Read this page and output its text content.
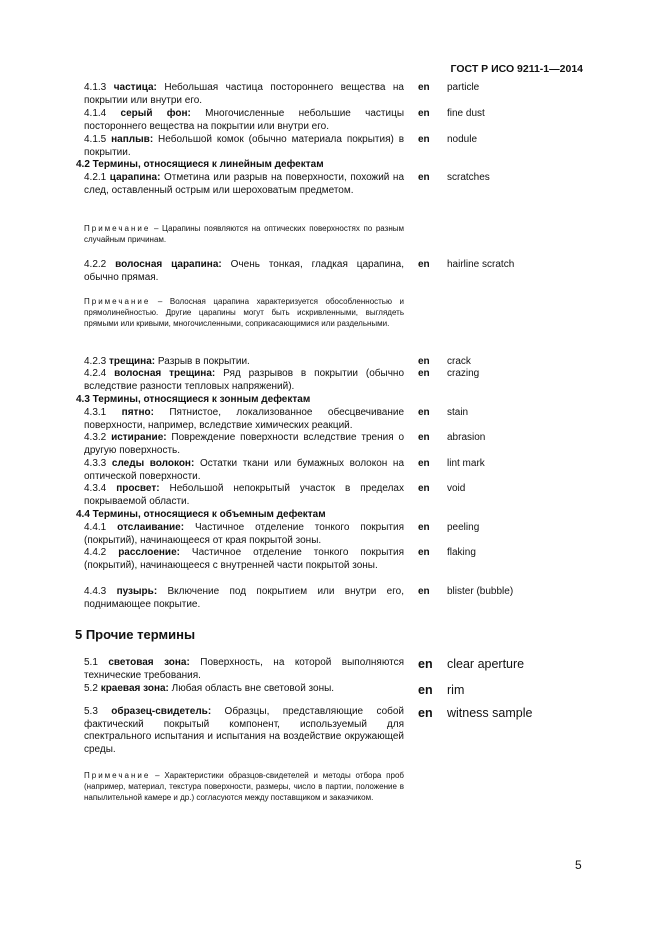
ГОСТ Р ИСО 9211-1—2014
4.1.3 частица: Небольшая частица постороннего вещества на покрытии или внутри его.
en particle
4.1.4 серый фон: Многочисленные небольшие частицы постороннего вещества на покрытии или внутри его.
en fine dust
4.1.5 наплыв: Небольшой комок (обычно материала покрытия) в покрытии.
en nodule
4.2 Термины, относящиеся к линейным дефектам
4.2.1 царапина: Отметина или разрыв на поверхности, похожий на след, оставленный острым или шероховатым предметом.
en scratches
Примечание – Царапины появляются на оптических поверхностях по разным случайным причинам.
4.2.2 волосная царапина: Очень тонкая, гладкая царапина, обычно прямая.
en hairline scratch
Примечание – Волосная царапина характеризуется обособленностью и прямолинейностью. Другие царапины могут быть искривленными, выглядеть прямыми или кривыми, многочисленными, соприкасающимися или раздельными.
4.2.3 трещина: Разрыв в покрытии.	en crack
4.2.4 волосная трещина: Ряд разрывов в покрытии (обычно вследствие разности тепловых напряжений).
en crazing
4.3 Термины, относящиеся к зонным дефектам
4.3.1 пятно: Пятнистое, локализованное обесцвечивание поверхности, например, вследствие химических реакций.
en stain
4.3.2 истирание: Повреждение поверхности вследствие трения о другую поверхность.
en abrasion
4.3.3 следы волокон: Остатки ткани или бумажных волокон на оптической поверхности.
en lint mark
4.3.4 просвет: Небольшой непокрытый участок в пределах покрываемой области.
en void
4.4 Термины, относящиеся к объемным дефектам
4.4.1 отслаивание: Частичное отделение тонкого покрытия (покрытий), начинающееся от края покрытой зоны.
en peeling
4.4.2 расслоение: Частичное отделение тонкого покрытия (покрытий), начинающееся с внутренней части покрытой зоны.
en flaking
4.4.3 пузырь: Включение под покрытием или внутри его, поднимающее покрытие.
en blister (bubble)
5 Прочие термины
5.1 световая зона: Поверхность, на которой выполняются технические требования.
en clear aperture
5.2 краевая зона: Любая область вне световой зоны.	en rim
5.3 образец-свидетель: Образцы, представляющие собой фактический покрытый компонент, используемый для спектрального испытания и испытания на воздействие окружающей среды.
en witness sample
Примечание – Характеристики образцов-свидетелей и методы отбора проб (например, материал, текстура поверхности, размеры, число в партии, положение в напылительной камере и др.) согласуются между поставщиком и заказчиком.
5
